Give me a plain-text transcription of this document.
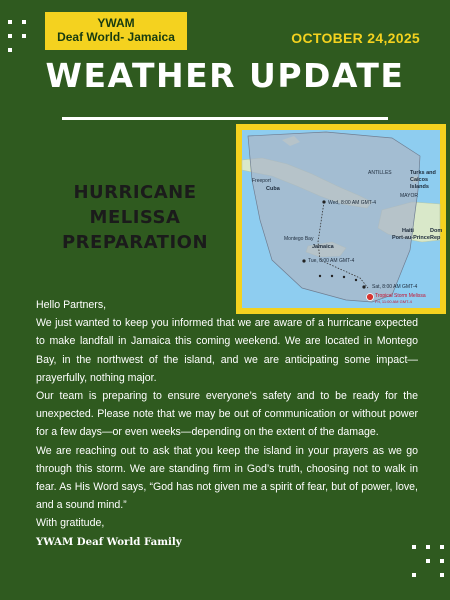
YWAM
Deaf World- Jamaica	OCTOBER 24,2025
WEATHER UPDATE
HURRICANE
MELISSA
PREPARATION
Turks and
Caicos
Islands
Freeport
Cuba
ANTILLES
MAYOR
Wed, 8:00 AM GMT-4
Haiti
Port-au-Prince
Dom
Rep
Montego Bay
Jamaica
Tue, 8:00 AM GMT-4
Sat, 8:00 AM GMT-4
Tropical Storm Melissa
Fri, 11:00 AM GMT-4

Hello Partners,

We just wanted to keep you informed that we are aware of a hurricane expected to make landfall in Jamaica this coming weekend. We are located in Montego Bay, in the northwest of the island, and we are anticipating some impact—prayerfully, nothing major.

Our team is preparing to ensure everyone’s safety and to be ready for the unexpected. Please note that we may be out of communication or without power for a few days—or even weeks—depending on the extent of the damage.

We are reaching out to ask that you keep the island in your prayers as we go through this storm. We are standing firm in God’s truth, choosing not to walk in fear. As His Word says, “God has not given me a spirit of fear, but of power, love, and a sound mind.”

With gratitude,

YWAM Deaf World Family
